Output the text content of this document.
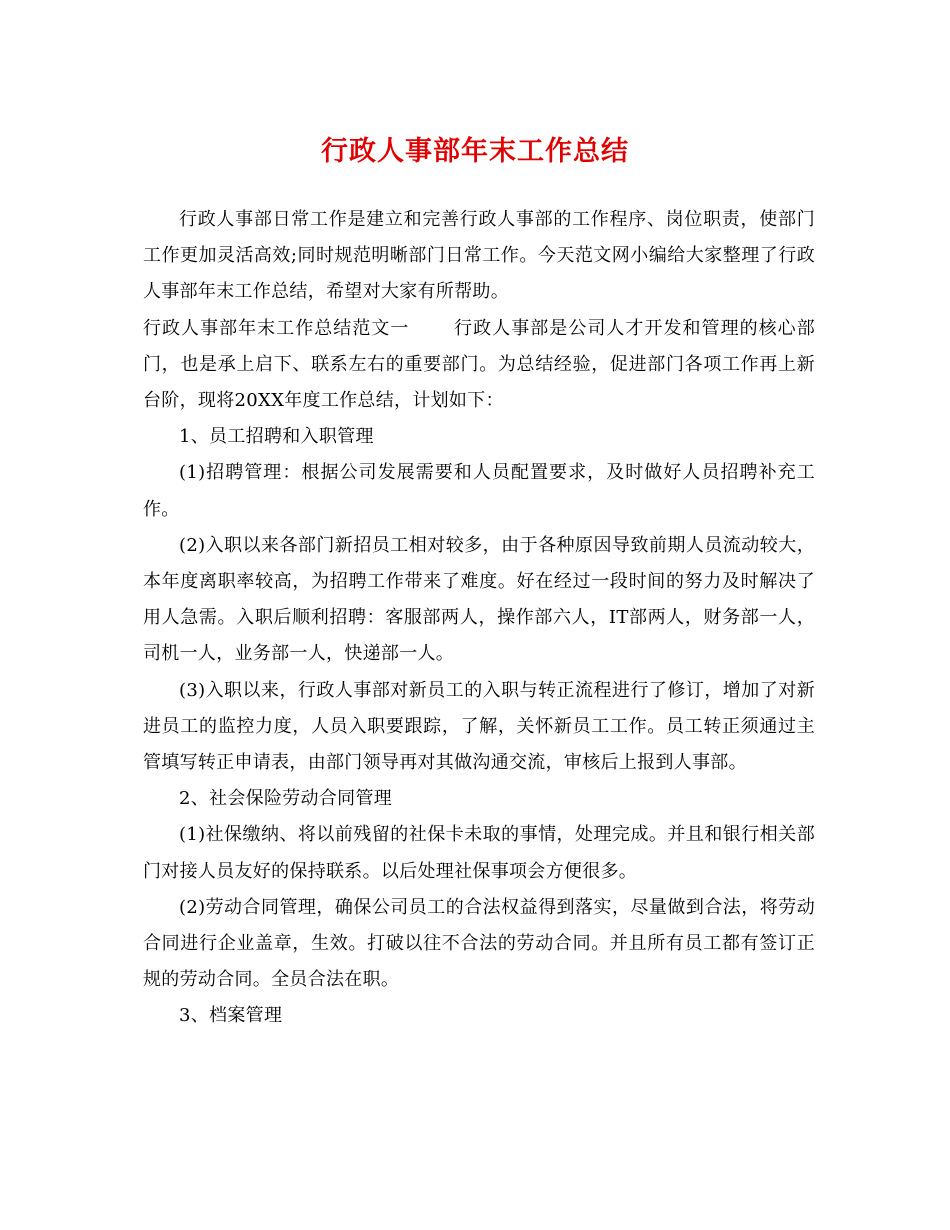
行政人事部年末工作总结

行政人事部日常工作是建立和完善行政人事部的工作程序、岗位职责，使部门工作更加灵活高效;同时规范明晰部门日常工作。今天范文网小编给大家整理了行政人事部年末工作总结，希望对大家有所帮助。

行政人事部年末工作总结范文一 行政人事部是公司人才开发和管理的核心部门，也是承上启下、联系左右的重要部门。为总结经验，促进部门各项工作再上新台阶，现将20XX年度工作总结，计划如下：

1、员工招聘和入职管理

(1)招聘管理：根据公司发展需要和人员配置要求，及时做好人员招聘补充工作。

(2)入职以来各部门新招员工相对较多，由于各种原因导致前期人员流动较大，本年度离职率较高，为招聘工作带来了难度。好在经过一段时间的努力及时解决了用人急需。入职后顺利招聘：客服部两人，操作部六人，IT部两人，财务部一人，司机一人，业务部一人，快递部一人。

(3)入职以来，行政人事部对新员工的入职与转正流程进行了修订，增加了对新进员工的监控力度，人员入职要跟踪，了解，关怀新员工工作。员工转正须通过主管填写转正申请表，由部门领导再对其做沟通交流，审核后上报到人事部。

2、社会保险劳动合同管理

(1)社保缴纳、将以前残留的社保卡未取的事情，处理完成。并且和银行相关部门对接人员友好的保持联系。以后处理社保事项会方便很多。

(2)劳动合同管理，确保公司员工的合法权益得到落实，尽量做到合法，将劳动合同进行企业盖章，生效。打破以往不合法的劳动合同。并且所有员工都有签订正规的劳动合同。全员合法在职。

3、档案管理
